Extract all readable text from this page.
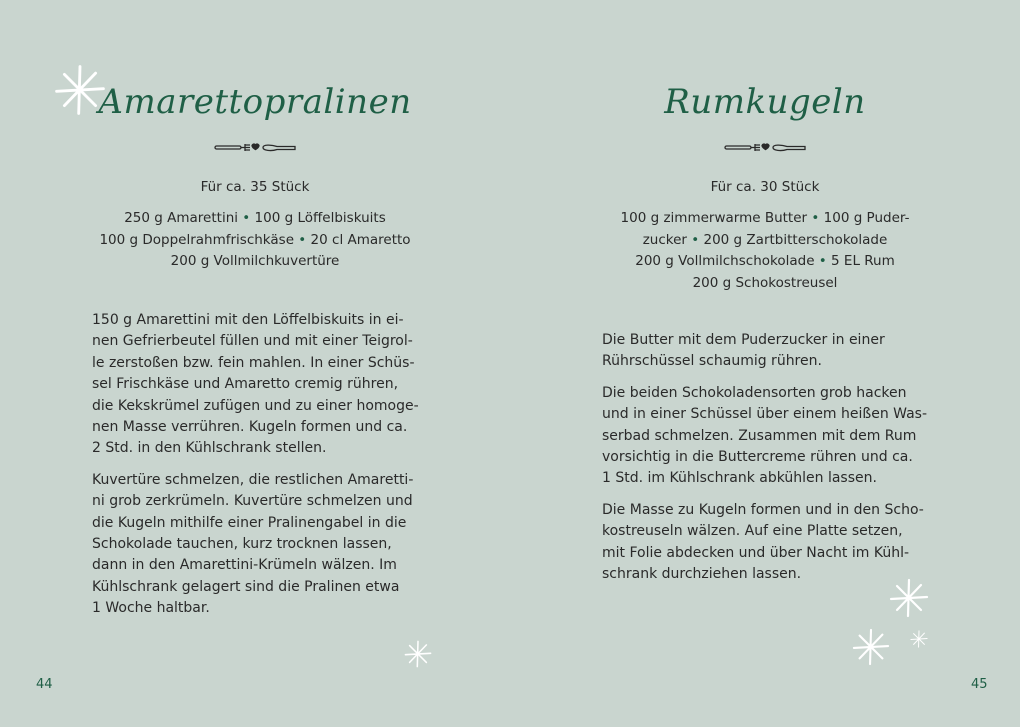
Amarettopralinen
Für ca. 35 Stück
250 g Amarettini • 100 g Löffelbiskuits
100 g Doppelrahmfrischkäse • 20 cl Amaretto
200 g Vollmilchkuvertüre
150 g Amarettini mit den Löffelbiskuits in ei-
nen Gefrierbeutel füllen und mit einer Teigrol-
le zerstoßen bzw. fein mahlen. In einer Schüs-
sel Frischkäse und Amaretto cremig rühren,
die Kekskrümel zufügen und zu einer homoge-
nen Masse verrühren. Kugeln formen und ca.
2 Std. in den Kühlschrank stellen.
Kuvertüre schmelzen, die restlichen Amaretti-
ni grob zerkrümeln. Kuvertüre schmelzen und
die Kugeln mithilfe einer Pralinengabel in die
Schokolade tauchen, kurz trocknen lassen,
dann in den Amarettini-Krümeln wälzen. Im
Kühlschrank gelagert sind die Pralinen etwa
1 Woche haltbar.
44
Rumkugeln
Für ca. 30 Stück
100 g zimmerwarme Butter • 100 g Puder-
zucker • 200 g Zartbitterschokolade
200 g Vollmilchschokolade • 5 EL Rum
200 g Schokostreusel
Die Butter mit dem Puderzucker in einer
Rührschüssel schaumig rühren.
Die beiden Schokoladensorten grob hacken
und in einer Schüssel über einem heißen Was-
serbad schmelzen. Zusammen mit dem Rum
vorsichtig in die Buttercreme rühren und ca.
1 Std. im Kühlschrank abkühlen lassen.
Die Masse zu Kugeln formen und in den Scho-
kostreuseln wälzen. Auf eine Platte setzen,
mit Folie abdecken und über Nacht im Kühl-
schrank durchziehen lassen.
45
